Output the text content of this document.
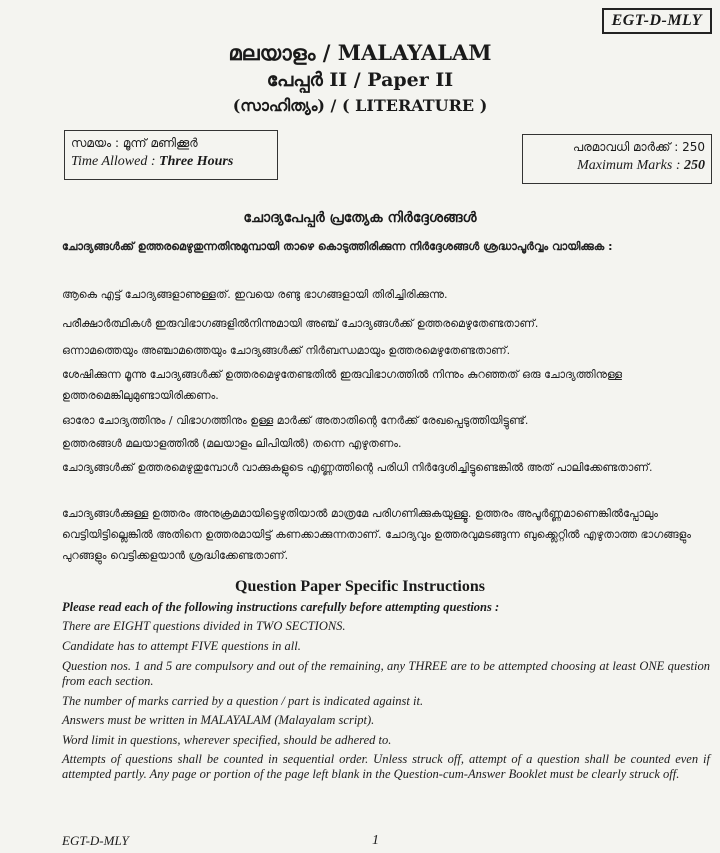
EGT-D-MLY
മലയാളം / MALAYALAM
പേപ്പർ II / Paper II
(സാഹിത്യം) / ( LITERATURE )
സമയം : മൂന്ന് മണിക്കൂർ
Time Allowed : Three Hours
പരമാവധി മാർക്ക് : 250
Maximum Marks : 250
ചോദ്യപേപ്പർ പ്രത്യേക നിർദ്ദേശങ്ങൾ
ചോദ്യങ്ങൾക്ക് ഉത്തരമെഴുതുന്നതിനുമുമ്പായി താഴെ കൊടുത്തിരിക്കുന്ന നിർദ്ദേശങ്ങൾ ശ്രദ്ധാപൂർവ്വം വായിക്കുക :
ആകെ എട്ട് ചോദ്യങ്ങളാണുള്ളത്. ഇവയെ രണ്ടു ഭാഗങ്ങളായി തിരിച്ചിരിക്കുന്നു.
പരീക്ഷാർത്ഥികൾ ഇരുവിഭാഗങ്ങളിൽനിന്നുമായി അഞ്ച് ചോദ്യങ്ങൾക്ക് ഉത്തരമെഴുതേണ്ടതാണ്.
ഒന്നാമത്തെയും അഞ്ചാമത്തെയും ചോദ്യങ്ങൾക്ക് നിർബന്ധമായും ഉത്തരമെഴുതേണ്ടതാണ്.
ശേഷിക്കുന്ന മൂന്നു ചോദ്യങ്ങൾക്ക് ഉത്തരമെഴുതേണ്ടതിൽ ഇരുവിഭാഗത്തിൽ നിന്നും കുറഞ്ഞത് ഒരു ചോദ്യത്തിനുള്ള ഉത്തരമെങ്കിലുമുണ്ടായിരിക്കണം.
ഓരോ ചോദ്യത്തിനും / വിഭാഗത്തിനും ഉള്ള മാർക്ക് അതാതിന്റെ നേർക്ക് രേഖപ്പെടുത്തിയിട്ടുണ്ട്.
ഉത്തരങ്ങൾ മലയാളത്തിൽ (മലയാളം ലിപിയിൽ) തന്നെ എഴുതണം.
ചോദ്യങ്ങൾക്ക് ഉത്തരമെഴുതുമ്പോൾ വാക്കുകളുടെ എണ്ണത്തിന്റെ പരിധി നിർദ്ദേശിച്ചിട്ടുണ്ടെങ്കിൽ അത് പാലിക്കേണ്ടതാണ്.
ചോദ്യങ്ങൾക്കുള്ള ഉത്തരം അനുക്രമമായിട്ടെഴുതിയാൽ മാത്രമേ പരിഗണിക്കുകയുള്ളൂ. ഉത്തരം അപൂർണ്ണമാണെങ്കിൽപ്പോലും വെട്ടിയിട്ടില്ലെങ്കിൽ അതിനെ ഉത്തരമായിട്ട് കണക്കാക്കുന്നതാണ്. ചോദ്യവും ഉത്തരവുമടങ്ങുന്ന ബുക്ക്ലെറ്റിൽ എഴുതാത്ത ഭാഗങ്ങളും പുറങ്ങളും വെട്ടിക്കളയാൻ ശ്രദ്ധിക്കേണ്ടതാണ്.
Question Paper Specific Instructions
Please read each of the following instructions carefully before attempting questions :
There are EIGHT questions divided in TWO SECTIONS.
Candidate has to attempt FIVE questions in all.
Question nos. 1 and 5 are compulsory and out of the remaining, any THREE are to be attempted choosing at least ONE question from each section.
The number of marks carried by a question / part is indicated against it.
Answers must be written in MALAYALAM (Malayalam script).
Word limit in questions, wherever specified, should be adhered to.
Attempts of questions shall be counted in sequential order. Unless struck off, attempt of a question shall be counted even if attempted partly. Any page or portion of the page left blank in the Question-cum-Answer Booklet must be clearly struck off.
EGT-D-MLY	1
